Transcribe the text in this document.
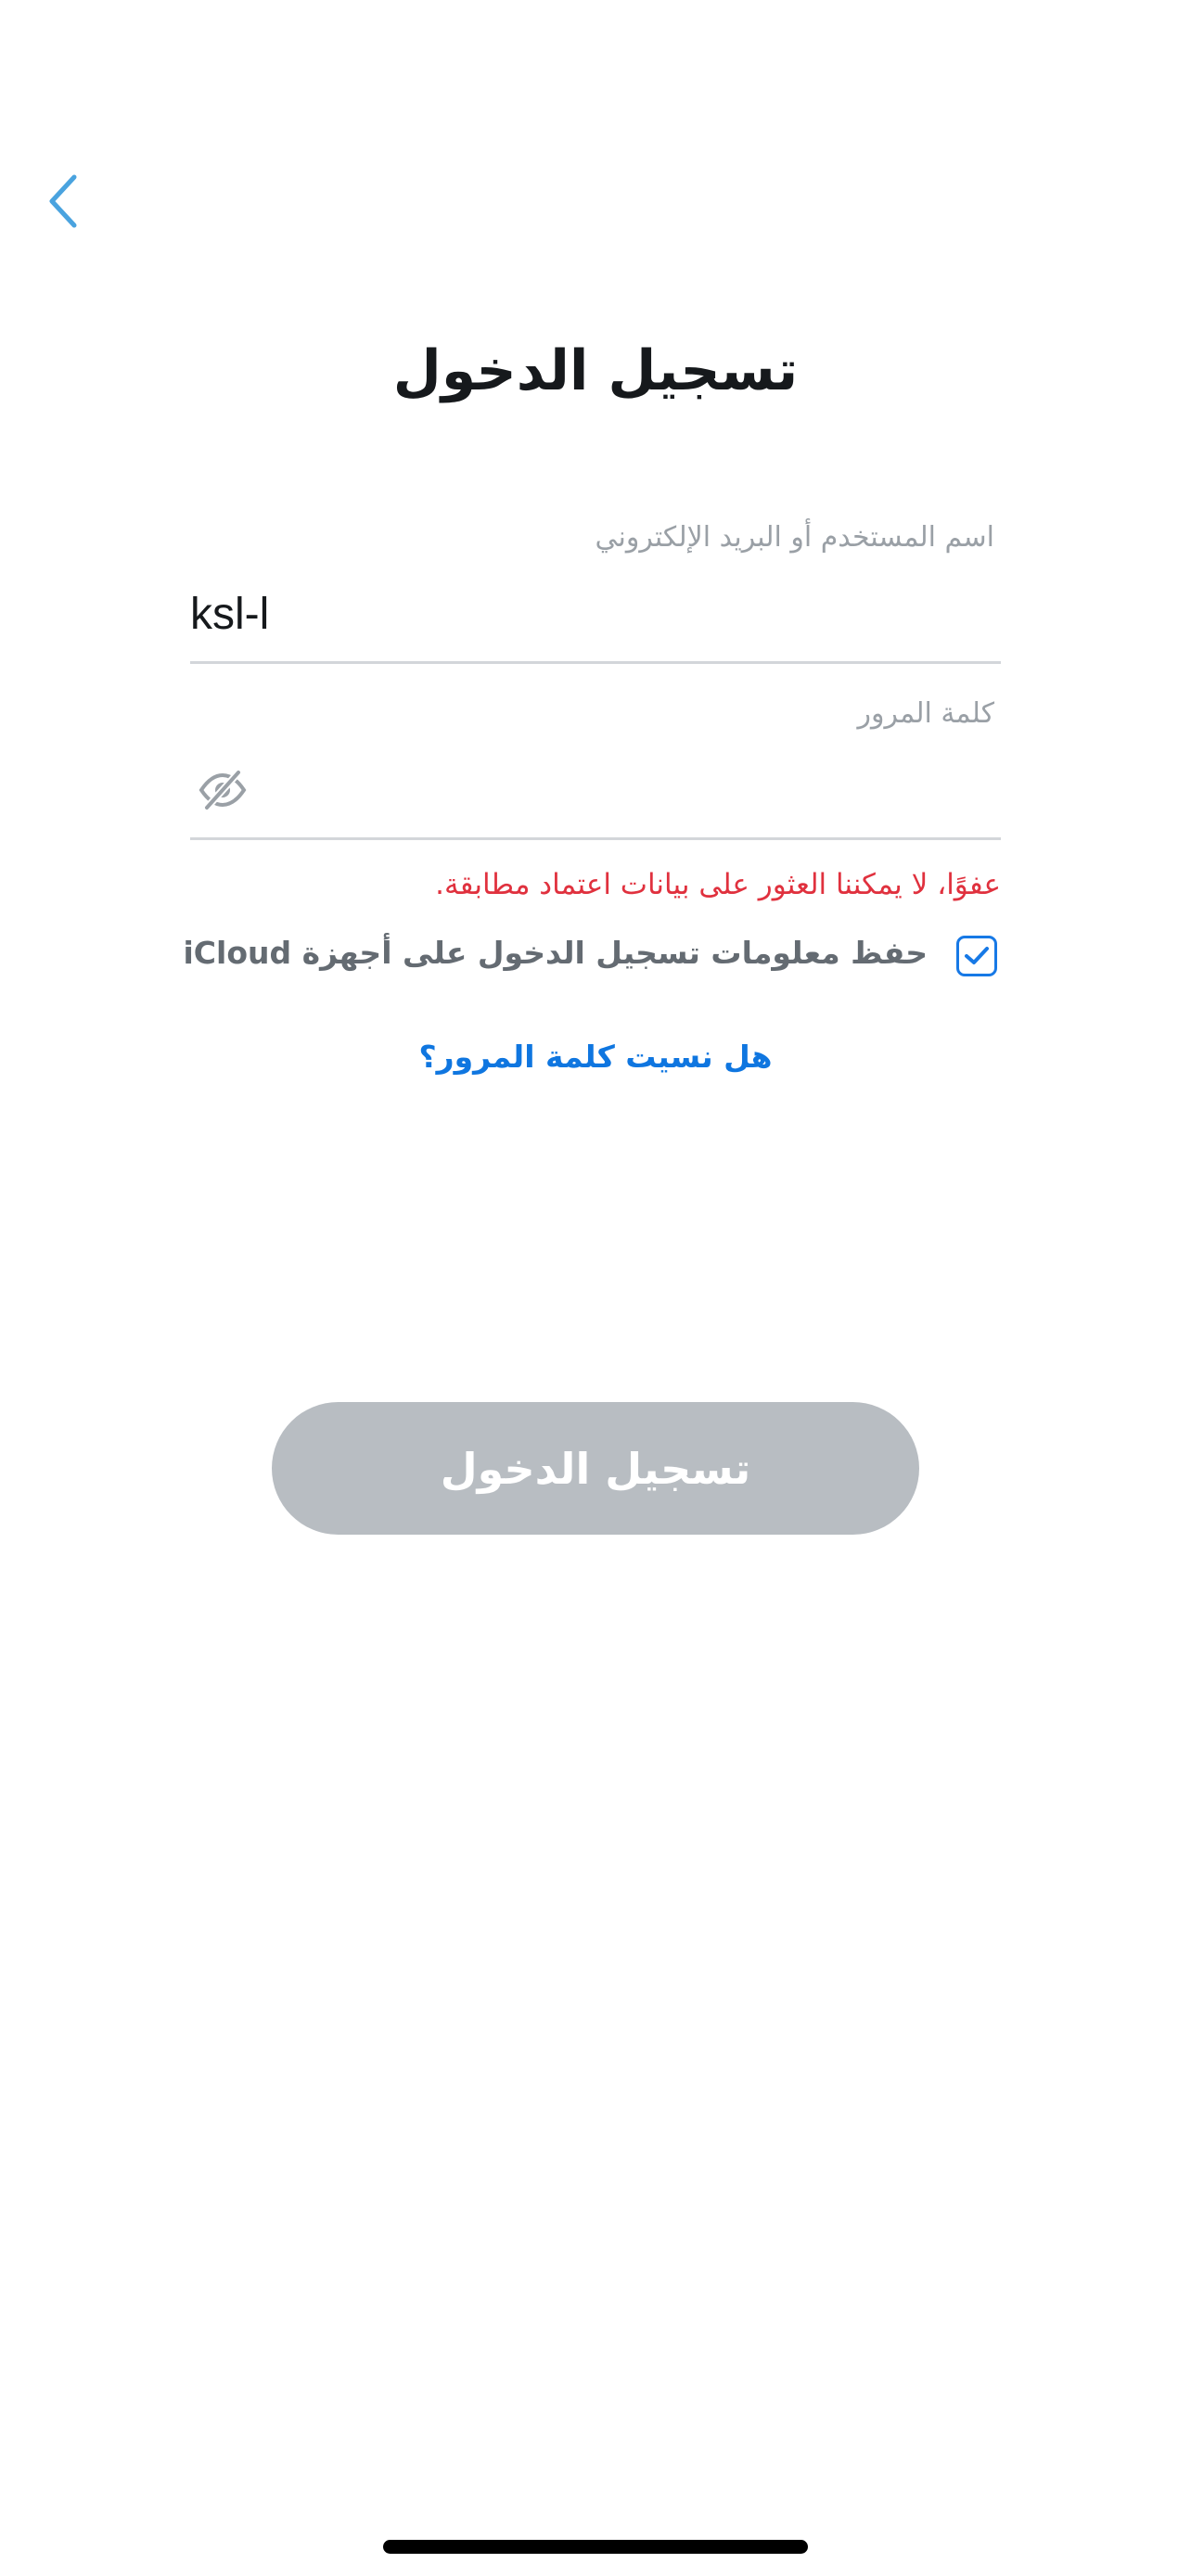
تسجيل الدخول
اسم المستخدم أو البريد الإلكتروني
ksl-l
كلمة المرور
عفوًا، لا يمكننا العثور على بيانات اعتماد مطابقة.
حفظ معلومات تسجيل الدخول على أجهزة iCloud
هل نسيت كلمة المرور؟
تسجيل الدخول
